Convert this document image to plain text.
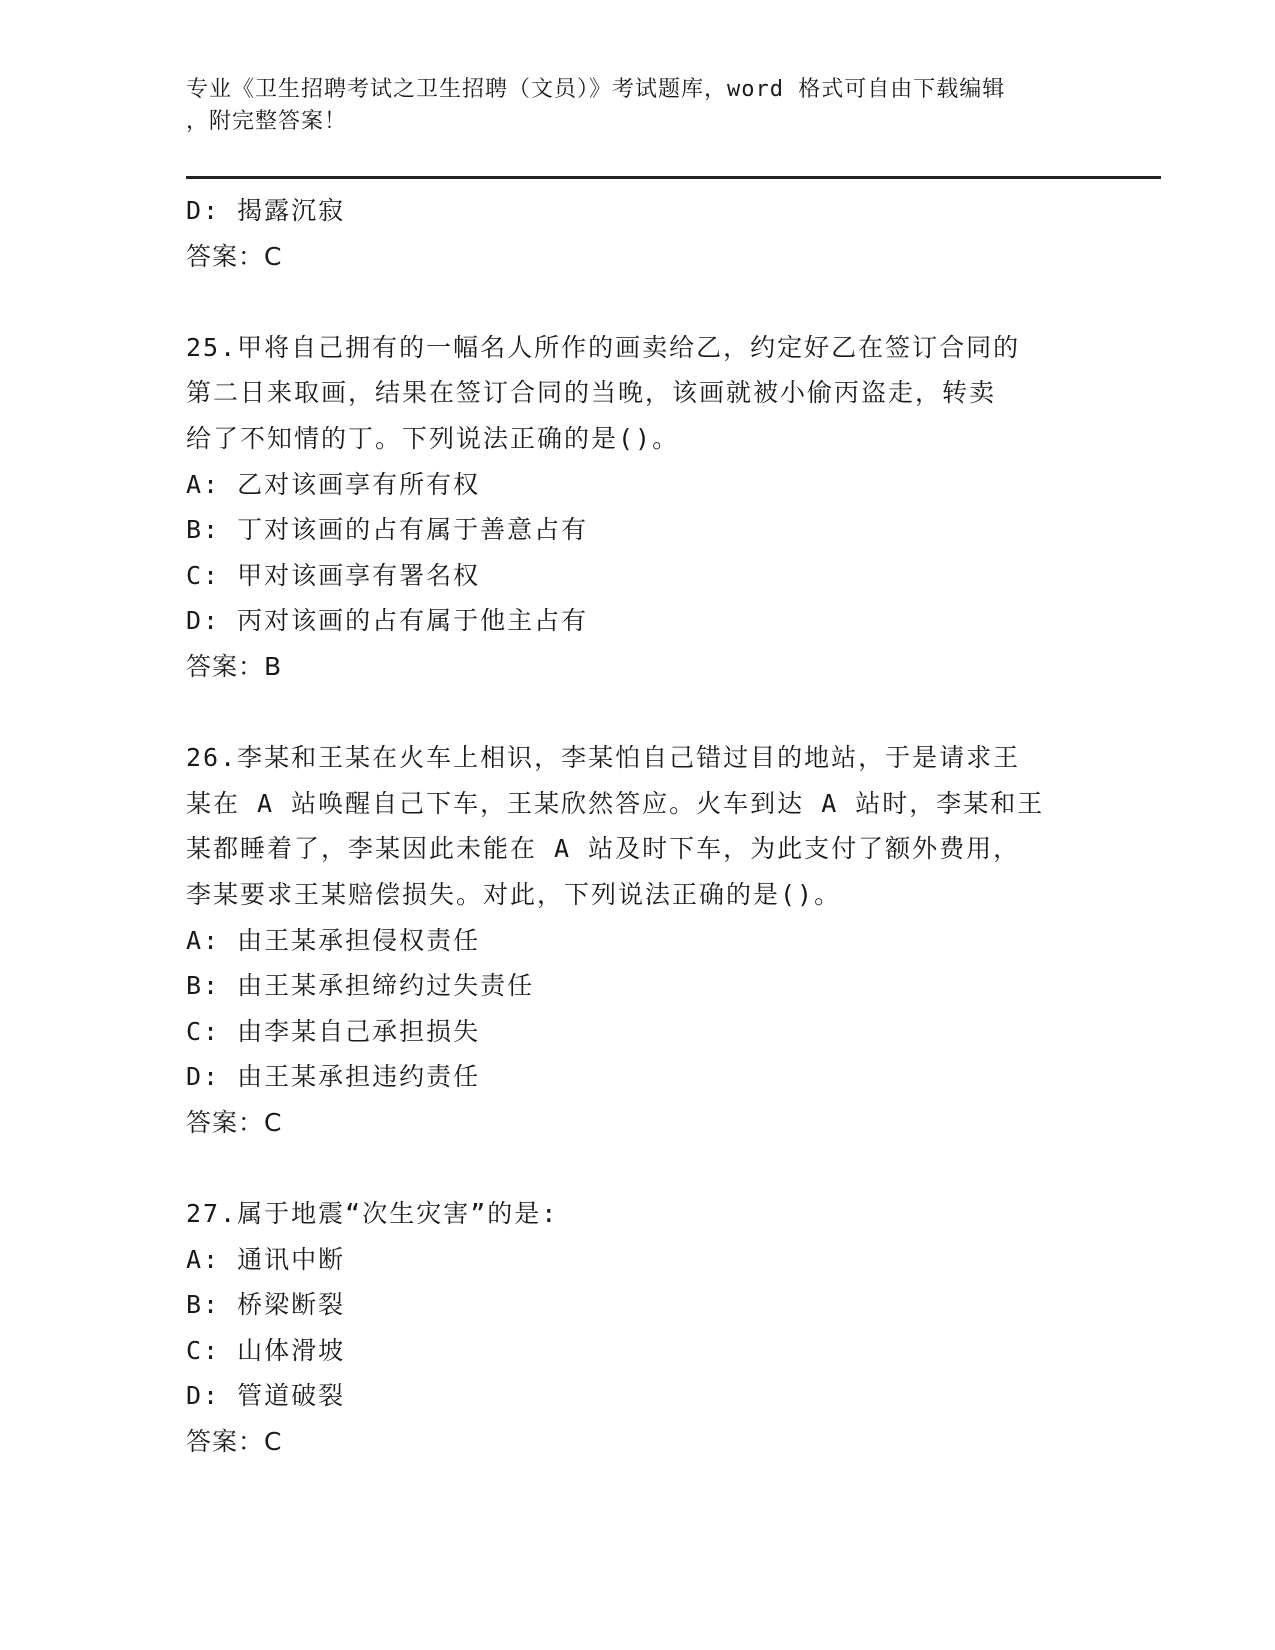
专业《卫生招聘考试之卫生招聘（文员）》考试题库，word 格式可自由下载编辑
，附完整答案！
D: 揭露沉寂
答案：C
25.甲将自己拥有的一幅名人所作的画卖给乙，约定好乙在签订合同的
第二日来取画，结果在签订合同的当晚，该画就被小偷丙盗走，转卖
给了不知情的丁。下列说法正确的是()。
A: 乙对该画享有所有权
B: 丁对该画的占有属于善意占有
C: 甲对该画享有署名权
D: 丙对该画的占有属于他主占有
答案：B
26.李某和王某在火车上相识，李某怕自己错过目的地站，于是请求王
某在 A 站唤醒自己下车，王某欣然答应。火车到达 A 站时，李某和王
某都睡着了，李某因此未能在 A 站及时下车，为此支付了额外费用，
李某要求王某赔偿损失。对此，下列说法正确的是()。
A: 由王某承担侵权责任
B: 由王某承担缔约过失责任
C: 由李某自己承担损失
D: 由王某承担违约责任
答案：C
27.属于地震“次生灾害”的是:
A: 通讯中断
B: 桥梁断裂
C: 山体滑坡
D: 管道破裂
答案：C
